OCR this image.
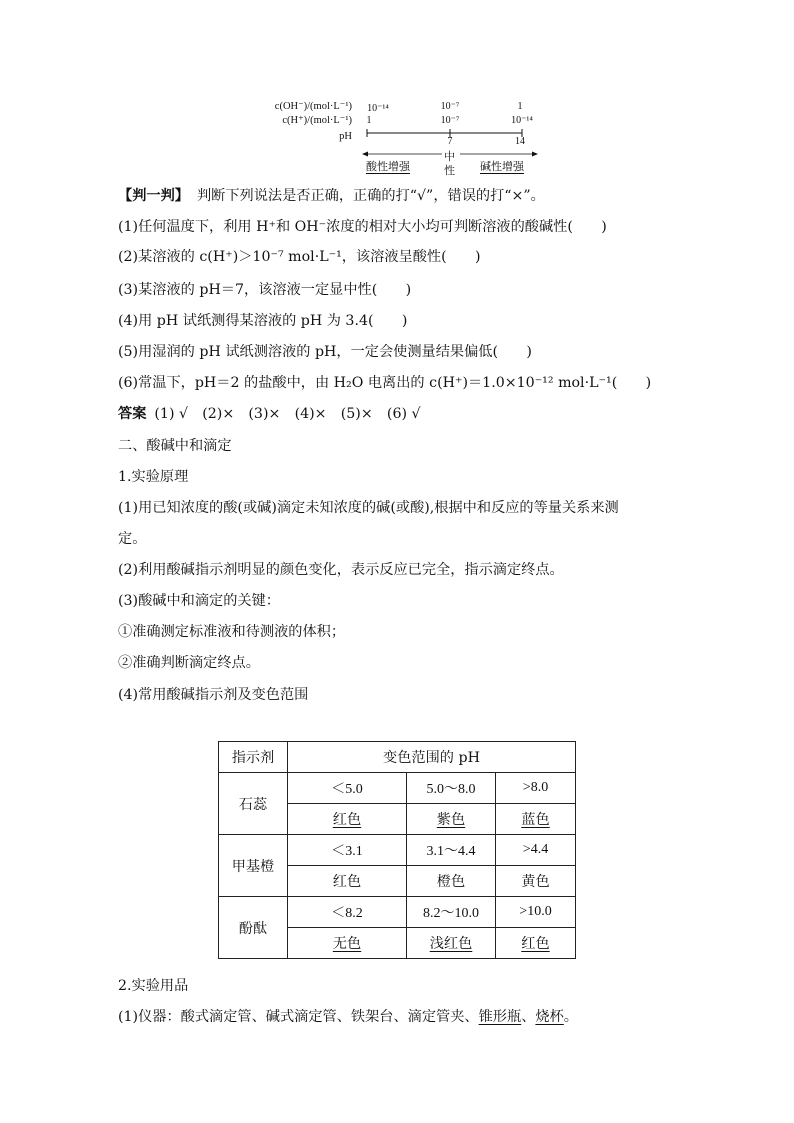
c(OH⁻)/(mol·L⁻¹)
c(H⁺)/(mol·L⁻¹)
pH
10⁻¹⁴	10⁻⁷	1
1	10⁻⁷	10⁻¹⁴
7	14
酸性增强
中
性 碱性增强
【判一判】 判断下列说法是否正确，正确的打“√”，错误的打“×”。
(1)任何温度下，利用 H⁺和 OH⁻浓度的相对大小均可判断溶液的酸碱性(　　)
(2)某溶液的 c(H⁺)＞10⁻⁷ mol·L⁻¹，该溶液呈酸性(　　)
(3)某溶液的 pH＝7，该溶液一定显中性(　　)
(4)用 pH 试纸测得某溶液的 pH 为 3.4(　　)
(5)用湿润的 pH 试纸测溶液的 pH，一定会使测量结果偏低(　　)
(6)常温下，pH＝2 的盐酸中，由 H₂O 电离出的 c(H⁺)＝1.0×10⁻¹² mol·L⁻¹(　　)
答案 (1) √　(2)×　(3)×　(4)×　(5)×　(6) √
二、酸碱中和滴定
1.实验原理
(1)用已知浓度的酸(或碱)滴定未知浓度的碱(或酸),根据中和反应的等量关系来测
定。
(2)利用酸碱指示剂明显的颜色变化，表示反应已完全，指示滴定终点。
(3)酸碱中和滴定的关键：
①准确测定标准液和待测液的体积；
②准确判断滴定终点。
(4)常用酸碱指示剂及变色范围
指示剂	变色范围的 pH		
石蕊	＜5.0	5.0～8.0	>8.0
	红色	紫色	蓝色
甲基橙	＜3.1	3.1～4.4	>4.4
	红色	橙色	黄色
酚酞	＜8.2	8.2～10.0	>10.0
	无色	浅红色	红色
2.实验用品
(1)仪器：酸式滴定管、碱式滴定管、铁架台、滴定管夹、锥形瓶、烧杯。
